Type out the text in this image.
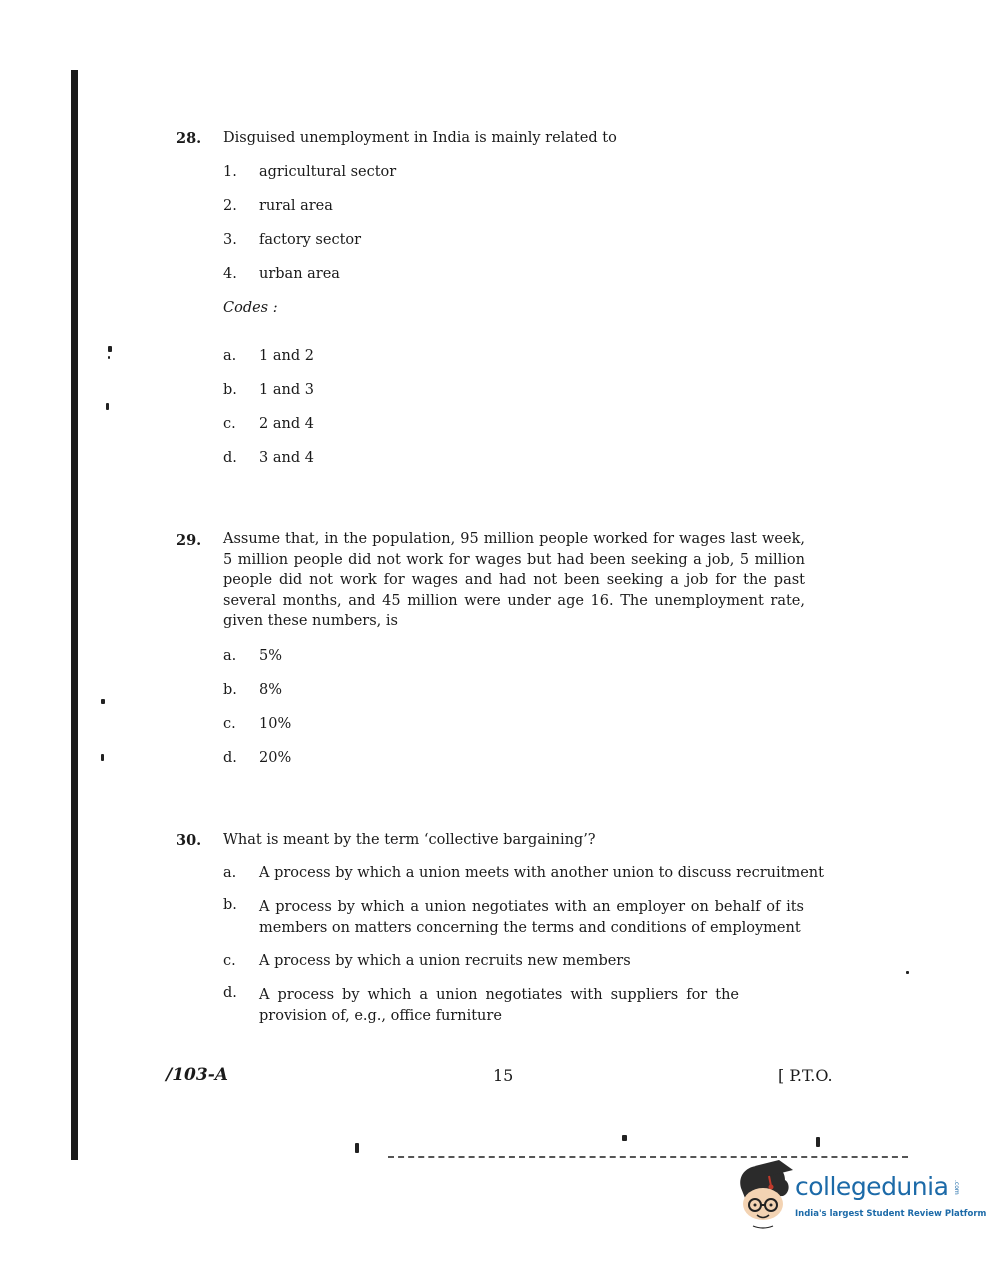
28. Disguised unemployment in India is mainly related to
1. agricultural sector
2. rural area
3. factory sector
4. urban area
Codes :
a. 1 and 2
b. 1 and 3
c. 2 and 4
d. 3 and 4
29. Assume that, in the population, 95 million people worked for wages last week, 5 million people did not work for wages but had been seeking a job, 5 million people did not work for wages and had not been seeking a job for the past several months, and 45 million were under age 16. The unemployment rate, given these numbers, is
a. 5%
b. 8%
c. 10%
d. 20%
30. What is meant by the term ‘collective bargaining’?
a. A process by which a union meets with another union to discuss recruitment
b. A process by which a union negotiates with an employer on behalf of its members on matters concerning the terms and conditions of employment
c. A process by which a union recruits new members
d. A process by which a union negotiates with suppliers for the provision of, e.g., office furniture
/103-A	15	[ P.T.O.
collegedunia .com
India's largest Student Review Platform
